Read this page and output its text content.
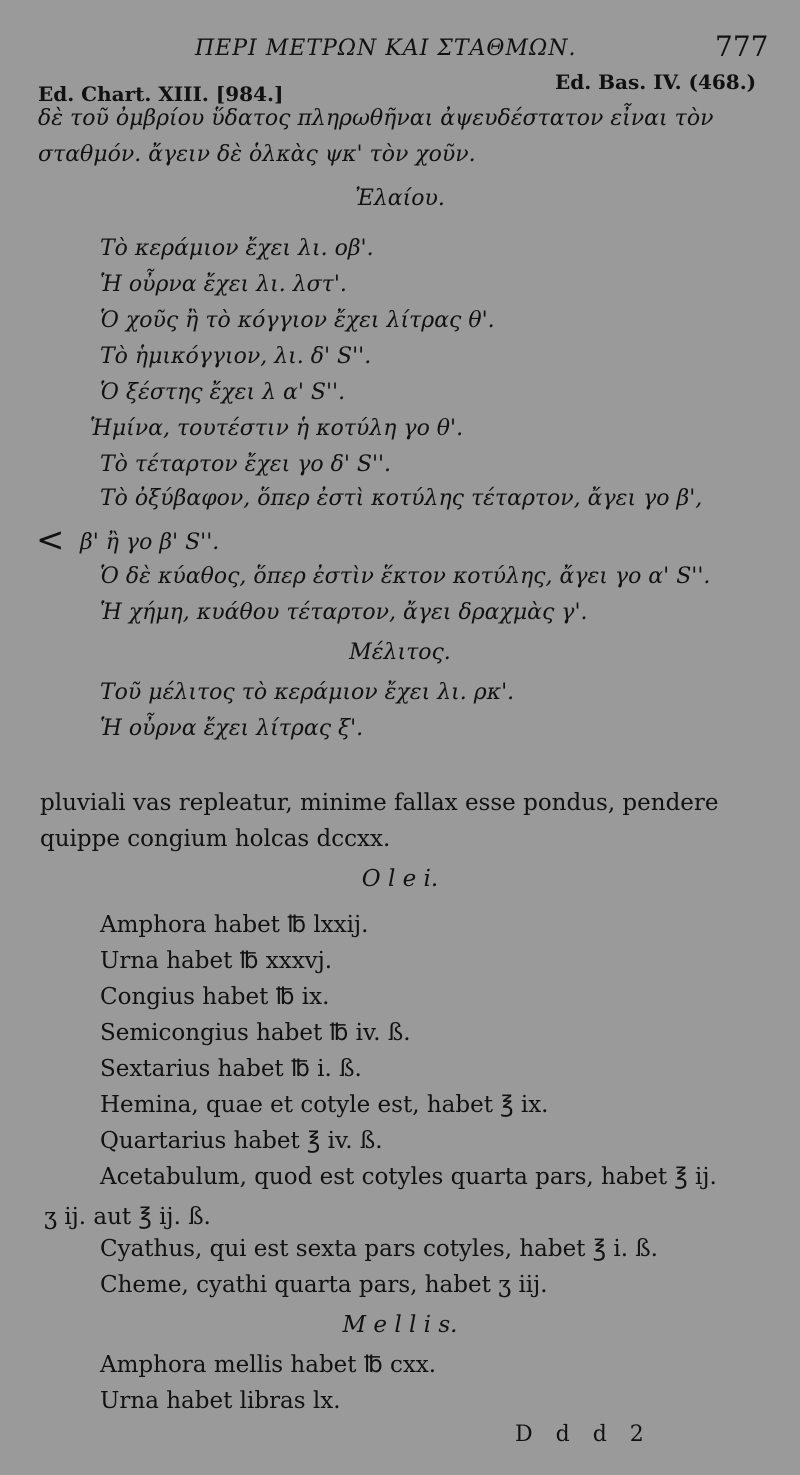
ΠΕΡΙ ΜΕΤΡΩΝ ΚΑΙ ΣΤΑΘΜΩΝ.	777
Ed. Chart. XIII. [984.]	Ed. Bas. IV. (468.)
δὲ τοῦ ὀμβρίου ὕδατος πληρωθῆναι ἀψευδέστατον εἶναι τὸν
σταθμόν. ἄγειν δὲ ὁλκὰς ψκ' τὸν χοῦν.
Ἐλαίου.
Τὸ κεράμιον ἔχει λι. οβ'.
Ἡ οὖρνα ἔχει λι. λστ'.
Ὁ χοῦς ἢ τὸ κόγγιον ἔχει λίτρας θ'.
Τὸ ἡμικόγγιον, λι. δ' S''.
Ὁ ξέστης ἔχει λ α' S''.
Ἡμίνα, τουτέστιν ἡ κοτύλη γο θ'.
Τὸ τέταρτον ἔχει γο δ' S''.
Τὸ ὀξύβαφον, ὅπερ ἐστὶ κοτύλης τέταρτον, ἄγει γο β',
< β' ἢ γο β' S''.
Ὁ δὲ κύαθος, ὅπερ ἐστὶν ἕκτον κοτύλης, ἄγει γο α' S''.
Ἡ χήμη, κυάθου τέταρτον, ἄγει δραχμὰς γ'.
Μέλιτος.
Τοῦ μέλιτος τὸ κεράμιον ἔχει λι. ρκ'.
Ἡ οὖρνα ἔχει λίτρας ξ'.
pluviali vas repleatur, minime fallax esse pondus, pendere
quippe congium holcas dccxx.
O l e i.
Amphora habet ℔ lxxij.
Urna habet ℔ xxxvj.
Congius habet ℔ ix.
Semicongius habet ℔ iv. ß.
Sextarius habet ℔ i. ß.
Hemina, quae et cotyle est, habet ℥ ix.
Quartarius habet ℥ iv. ß.
Acetabulum, quod est cotyles quarta pars, habet ℥ ij.
ʒ ij. aut ℥ ij. ß.
Cyathus, qui est sexta pars cotyles, habet ℥ i. ß.
Cheme, cyathi quarta pars, habet ʒ iij.
M e l l i s.
Amphora mellis habet ℔ cxx.
Urna habet libras lx.
D d d 2
